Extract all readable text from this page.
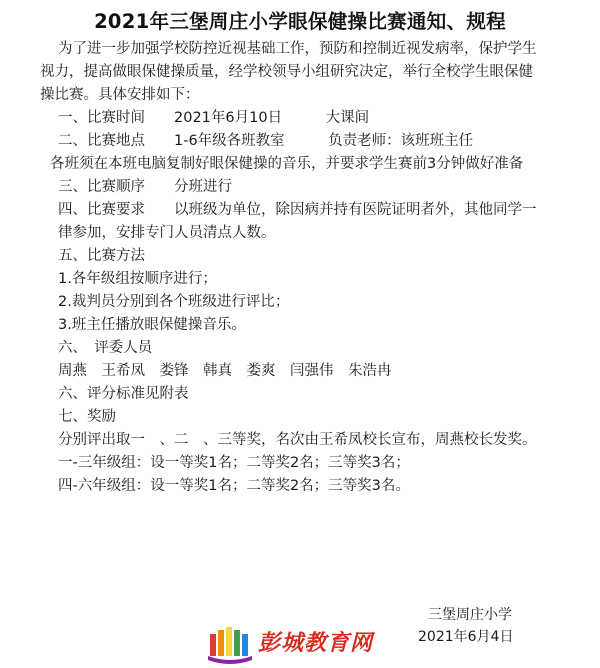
2021年三堡周庄小学眼保健操比赛通知、规程
为了进一步加强学校防控近视基础工作，预防和控制近视发病率，保护学生
视力，提高做眼保健操质量，经学校领导小组研究决定，举行全校学生眼保健
操比赛。具体安排如下：
一、比赛时间　　2021年6月10日　　　大课间
二、比赛地点　　1-6年级各班教室　　　负责老师：该班班主任
各班须在本班电脑复制好眼保健操的音乐，并要求学生赛前3分钟做好准备
三、比赛顺序　　分班进行
四、比赛要求　　以班级为单位，除因病并持有医院证明者外，其他同学一
律参加，安排专门人员清点人数。
五、比赛方法
1.各年级组按顺序进行；
2.裁判员分别到各个班级进行评比；
3.班主任播放眼保健操音乐。
六、　评委人员
周燕　王希凤　娄锋　韩真　娄爽　闫强伟　朱浩冉
六、评分标准见附表
七、奖励
分别评出取一　、二　、三等奖，名次由王希凤校长宣布，周燕校长发奖。
一-三年级组：设一等奖1名；二等奖2名；三等奖3名；
四-六年级组：设一等奖1名；二等奖2名；三等奖3名。
三堡周庄小学
2021年6月4日
彭城教育网
